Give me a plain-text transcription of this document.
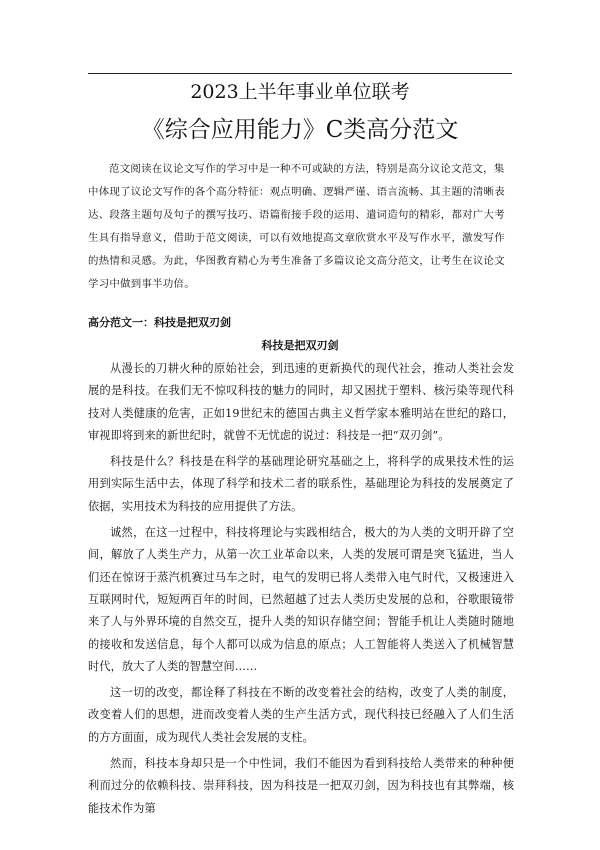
2023上半年事业单位联考
《综合应用能力》C类高分范文

范文阅读在议论文写作的学习中是一种不可或缺的方法，特别是高分议论文范文，集中体现了议论文写作的各个高分特征：观点明确、逻辑严谨、语言流畅、其主题的清晰表达、段落主题句及句子的撰写技巧、语篇衔接手段的运用、遣词造句的精彩，都对广大考生具有指导意义，借助于范文阅读，可以有效地提高文章欣赏水平及写作水平，激发写作的热情和灵感。为此，华图教育精心为考生准备了多篇议论文高分范文，让考生在议论文学习中做到事半功倍。

高分范文一：科技是把双刃剑
科技是把双刃剑

从漫长的刀耕火种的原始社会，到迅速的更新换代的现代社会，推动人类社会发展的是科技。在我们无不惊叹科技的魅力的同时，却又困扰于塑料、核污染等现代科技对人类健康的危害，正如19世纪末的德国古典主义哲学家本雅明站在世纪的路口，审视即将到来的新世纪时，就曾不无忧虑的说过：科技是一把“双刃剑”。

科技是什么？科技是在科学的基础理论研究基础之上，将科学的成果技术性的运用到实际生活中去，体现了科学和技术二者的联系性，基础理论为科技的发展奠定了依据，实用技术为科技的应用提供了方法。

诚然，在这一过程中，科技将理论与实践相结合，极大的为人类的文明开辟了空间，解放了人类生产力，从第一次工业革命以来，人类的发展可谓是突飞猛进，当人们还在惊讶于蒸汽机赛过马车之时，电气的发明已将人类带入电气时代，又极速进入互联网时代，短短两百年的时间，已然超越了过去人类历史发展的总和，谷歌眼镜带来了人与外界环境的自然交互，提升人类的知识存储空间；智能手机让人类随时随地的接收和发送信息，每个人都可以成为信息的原点；人工智能将人类送入了机械智慧时代，放大了人类的智慧空间……

这一切的改变，都诠释了科技在不断的改变着社会的结构，改变了人类的制度，改变着人们的思想，进而改变着人类的生产生活方式，现代科技已经融入了人们生活的方方面面，成为现代人类社会发展的支柱。

然而，科技本身却只是一个中性词，我们不能因为看到科技给人类带来的种种便利而过分的依赖科技、崇拜科技，因为科技是一把双刃剑，因为科技也有其弊端，核能技术作为第
